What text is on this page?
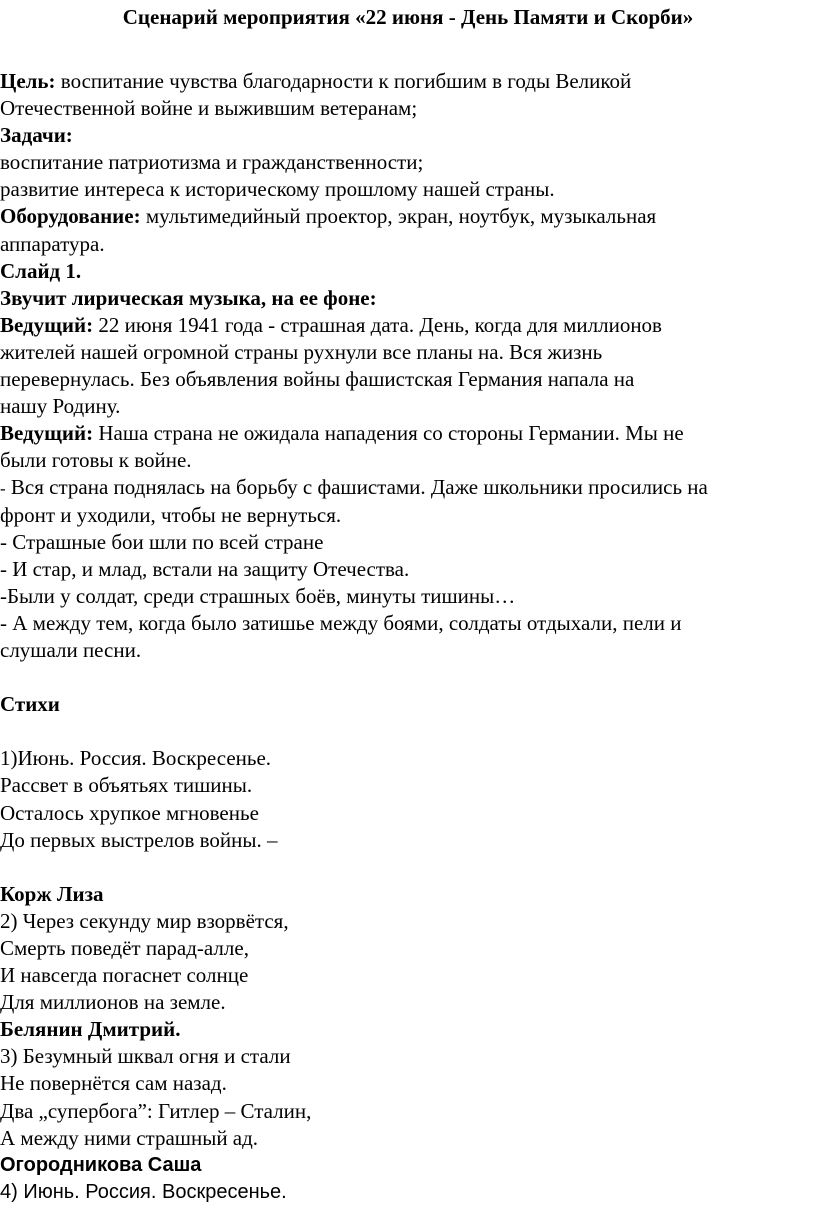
Сценарий мероприятия «22 июня - День Памяти и Скорби»
Цель: воспитание чувства благодарности к погибшим в годы Великой
Отечественной войне и выжившим ветеранам;
Задачи:
воспитание патриотизма и гражданственности;
развитие интереса к историческому прошлому нашей страны.
Оборудование: мультимедийный проектор, экран, ноутбук, музыкальная
аппаратура.
Слайд 1.
Звучит лирическая музыка, на ее фоне:
Ведущий: 22 июня 1941 года - страшная дата. День, когда для миллионов
жителей нашей огромной страны рухнули все планы на. Вся жизнь
перевернулась. Без объявления войны фашистская Германия напала на
нашу Родину.
Ведущий: Наша страна не ожидала нападения со стороны Германии. Мы не
были готовы к войне.
- Вся страна поднялась на борьбу с фашистами. Даже школьники просились на
фронт и уходили, чтобы не вернуться.
- Страшные бои шли по всей стране
- И стар, и млад, встали на защиту Отечества.
-Были у солдат, среди страшных боёв, минуты тишины…
- А между тем, когда было затишье между боями, солдаты отдыхали, пели и
слушали песни.
Стихи
1)Июнь. Россия. Воскресенье.
Рассвет в объятьях тишины.
Осталось хрупкое мгновенье
До первых выстрелов войны. –
Корж Лиза
2) Через секунду мир взорвётся,
Смерть поведёт парад-алле,
И навсегда погаснет солнце
Для миллионов на земле.
Белянин Дмитрий.
3) Безумный шквал огня и стали
Не повернётся сам назад.
Два „супербога”: Гитлер – Сталин,
А между ними страшный ад.
Огородникова Саша
4) Июнь. Россия. Воскресенье.
